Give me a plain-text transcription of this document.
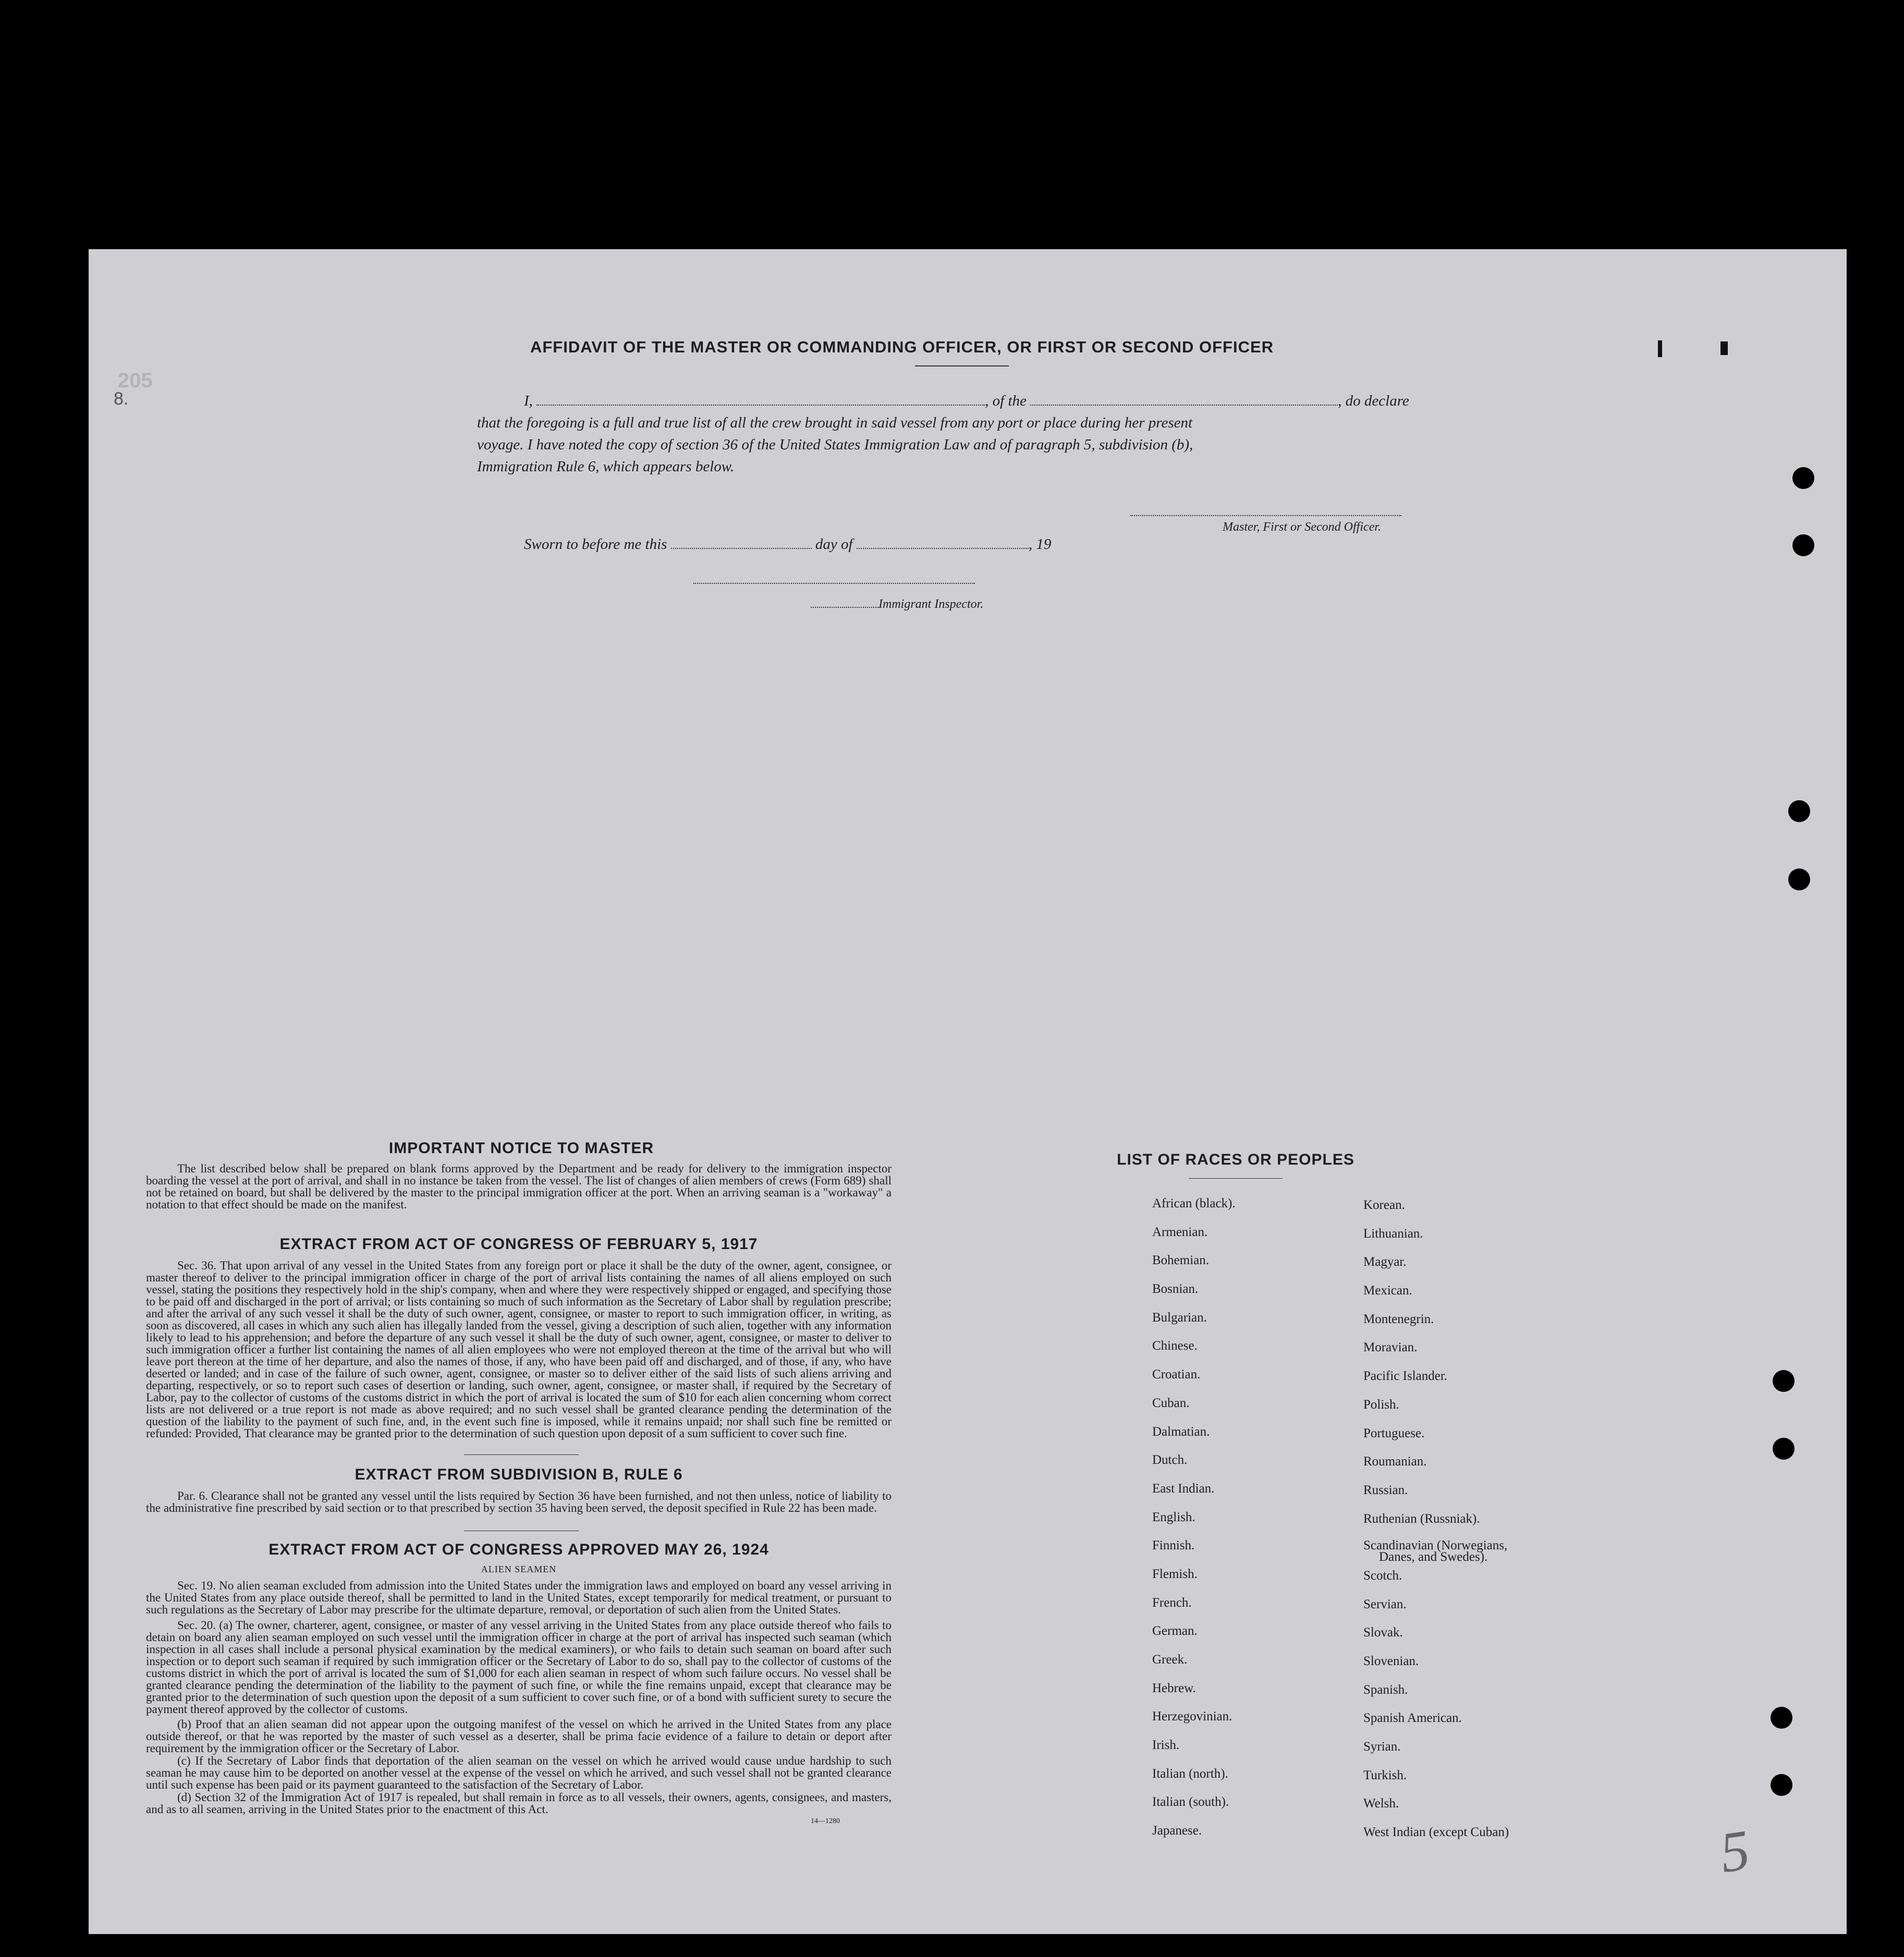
205
8.
AFFIDAVIT OF THE MASTER OR COMMANDING OFFICER, OR FIRST OR SECOND OFFICER
I,	, of the	, do declare
that the foregoing is a full and true list of all the crew brought in said vessel from any port or place during her present
voyage. I have noted the copy of section 36 of the United States Immigration Law and of paragraph 5, subdivision (b),
Immigration Rule 6, which appears below.
Master, First or Second Officer.
Sworn to before me this	day of	, 19
Immigrant Inspector.
IMPORTANT NOTICE TO MASTER
The list described below shall be prepared on blank forms approved by the Department and be ready for delivery to the immigration inspector boarding the vessel at the port of arrival, and shall in no instance be taken from the vessel. The list of changes of alien members of crews (Form 689) shall not be retained on board, but shall be delivered by the master to the principal immigration officer at the port. When an arriving seaman is a "workaway" a notation to that effect should be made on the manifest.
EXTRACT FROM ACT OF CONGRESS OF FEBRUARY 5, 1917
Sec. 36. That upon arrival of any vessel in the United States from any foreign port or place it shall be the duty of the owner, agent, consignee, or master thereof to deliver to the principal immigration officer in charge of the port of arrival lists containing the names of all aliens employed on such vessel, stating the positions they respectively hold in the ship's company, when and where they were respectively shipped or engaged, and specifying those to be paid off and discharged in the port of arrival; or lists containing so much of such information as the Secretary of Labor shall by regulation prescribe; and after the arrival of any such vessel it shall be the duty of such owner, agent, consignee, or master to report to such immigration officer, in writing, as soon as discovered, all cases in which any such alien has illegally landed from the vessel, giving a description of such alien, together with any information likely to lead to his apprehension; and before the departure of any such vessel it shall be the duty of such owner, agent, consignee, or master to deliver to such immigration officer a further list containing the names of all alien employees who were not employed thereon at the time of the arrival but who will leave port thereon at the time of her departure, and also the names of those, if any, who have been paid off and discharged, and of those, if any, who have deserted or landed; and in case of the failure of such owner, agent, consignee, or master so to deliver either of the said lists of such aliens arriving and departing, respectively, or so to report such cases of desertion or landing, such owner, agent, consignee, or master shall, if required by the Secretary of Labor, pay to the collector of customs of the customs district in which the port of arrival is located the sum of $10 for each alien concerning whom correct lists are not delivered or a true report is not made as above required; and no such vessel shall be granted clearance pending the determination of the question of the liability to the payment of such fine, and, in the event such fine is imposed, while it remains unpaid; nor shall such fine be remitted or refunded: Provided, That clearance may be granted prior to the determination of such question upon deposit of a sum sufficient to cover such fine.
EXTRACT FROM SUBDIVISION B, RULE 6
Par. 6. Clearance shall not be granted any vessel until the lists required by Section 36 have been furnished, and not then unless, notice of liability to the administrative fine prescribed by said section or to that prescribed by section 35 having been served, the deposit specified in Rule 22 has been made.
EXTRACT FROM ACT OF CONGRESS APPROVED MAY 26, 1924
ALIEN SEAMEN
Sec. 19. No alien seaman excluded from admission into the United States under the immigration laws and employed on board any vessel arriving in the United States from any place outside thereof, shall be permitted to land in the United States, except temporarily for medical treatment, or pursuant to such regulations as the Secretary of Labor may prescribe for the ultimate departure, removal, or deportation of such alien from the United States.
Sec. 20. (a) The owner, charterer, agent, consignee, or master of any vessel arriving in the United States from any place outside thereof who fails to detain on board any alien seaman employed on such vessel until the immigration officer in charge at the port of arrival has inspected such seaman (which inspection in all cases shall include a personal physical examination by the medical examiners), or who fails to detain such seaman on board after such inspection or to deport such seaman if required by such immigration officer or the Secretary of Labor to do so, shall pay to the collector of customs of the customs district in which the port of arrival is located the sum of $1,000 for each alien seaman in respect of whom such failure occurs. No vessel shall be granted clearance pending the determination of the liability to the payment of such fine, or while the fine remains unpaid, except that clearance may be granted prior to the determination of such question upon the deposit of a sum sufficient to cover such fine, or of a bond with sufficient surety to secure the payment thereof approved by the collector of customs.
(b) Proof that an alien seaman did not appear upon the outgoing manifest of the vessel on which he arrived in the United States from any place outside thereof, or that he was reported by the master of such vessel as a deserter, shall be prima facie evidence of a failure to detain or deport after requirement by the immigration officer or the Secretary of Labor.
(c) If the Secretary of Labor finds that deportation of the alien seaman on the vessel on which he arrived would cause undue hardship to such seaman he may cause him to be deported on another vessel at the expense of the vessel on which he arrived, and such vessel shall not be granted clearance until such expense has been paid or its payment guaranteed to the satisfaction of the Secretary of Labor.
(d) Section 32 of the Immigration Act of 1917 is repealed, but shall remain in force as to all vessels, their owners, agents, consignees, and masters, and as to all seamen, arriving in the United States prior to the enactment of this Act.
14—1280
LIST OF RACES OR PEOPLES
African (black).
Armenian.
Bohemian.
Bosnian.
Bulgarian.
Chinese.
Croatian.
Cuban.
Dalmatian.
Dutch.
East Indian.
English.
Finnish.
Flemish.
French.
German.
Greek.
Hebrew.
Herzegovinian.
Irish.
Italian (north).
Italian (south).
Japanese.
Korean.
Lithuanian.
Magyar.
Mexican.
Montenegrin.
Moravian.
Pacific Islander.
Polish.
Portuguese.
Roumanian.
Russian.
Ruthenian (Russniak).
Scandinavian (Norwegians,
Danes, and Swedes).
Scotch.
Servian.
Slovak.
Slovenian.
Spanish.
Spanish American.
Syrian.
Turkish.
Welsh.
West Indian (except Cuban)	5
